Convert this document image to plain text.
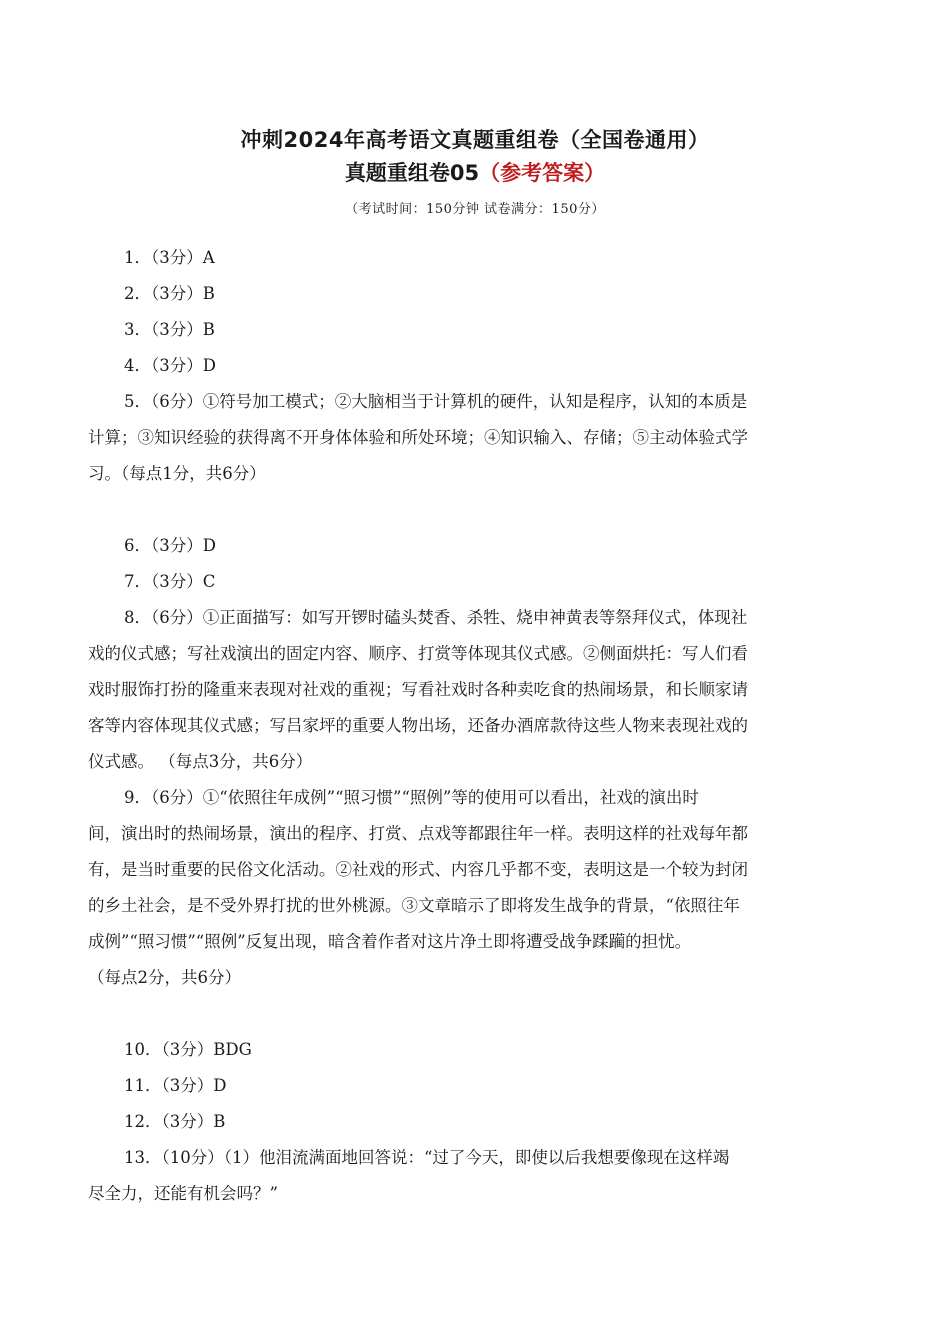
冲刺2024年高考语文真题重组卷（全国卷通用）
真题重组卷05（参考答案）
（考试时间：150分钟 试卷满分：150分）
1．（3分）A
2．（3分）B
3．（3分）B
4．（3分）D
5．（6分）①符号加工模式；②大脑相当于计算机的硬件，认知是程序，认知的本质是
计算；③知识经验的获得离不开身体体验和所处环境；④知识输入、存储；⑤主动体验式学
习。（每点1分，共6分）
6．（3分）D
7．（3分）C
8．（6分）①正面描写：如写开锣时磕头焚香、杀牲、烧申神黄表等祭拜仪式，体现社
戏的仪式感；写社戏演出的固定内容、顺序、打赏等体现其仪式感。②侧面烘托：写人们看
戏时服饰打扮的隆重来表现对社戏的重视；写看社戏时各种卖吃食的热闹场景，和长顺家请
客等内容体现其仪式感；写吕家坪的重要人物出场，还备办酒席款待这些人物来表现社戏的
仪式感。 （每点3分，共6分）
9．（6分）①“依照往年成例”“照习惯”“照例”等的使用可以看出，社戏的演出时
间，演出时的热闹场景，演出的程序、打赏、点戏等都跟往年一样。表明这样的社戏每年都
有，是当时重要的民俗文化活动。②社戏的形式、内容几乎都不变，表明这是一个较为封闭
的乡土社会，是不受外界打扰的世外桃源。③文章暗示了即将发生战争的背景，“依照往年
成例”“照习惯”“照例”反复出现，暗含着作者对这片净土即将遭受战争蹂躏的担忧。
（每点2分，共6分）
10．（3分）BDG
11．（3分）D
12．（3分）B
13．（10分）（1）他泪流满面地回答说：“过了今天，即使以后我想要像现在这样竭
尽全力，还能有机会吗？”
